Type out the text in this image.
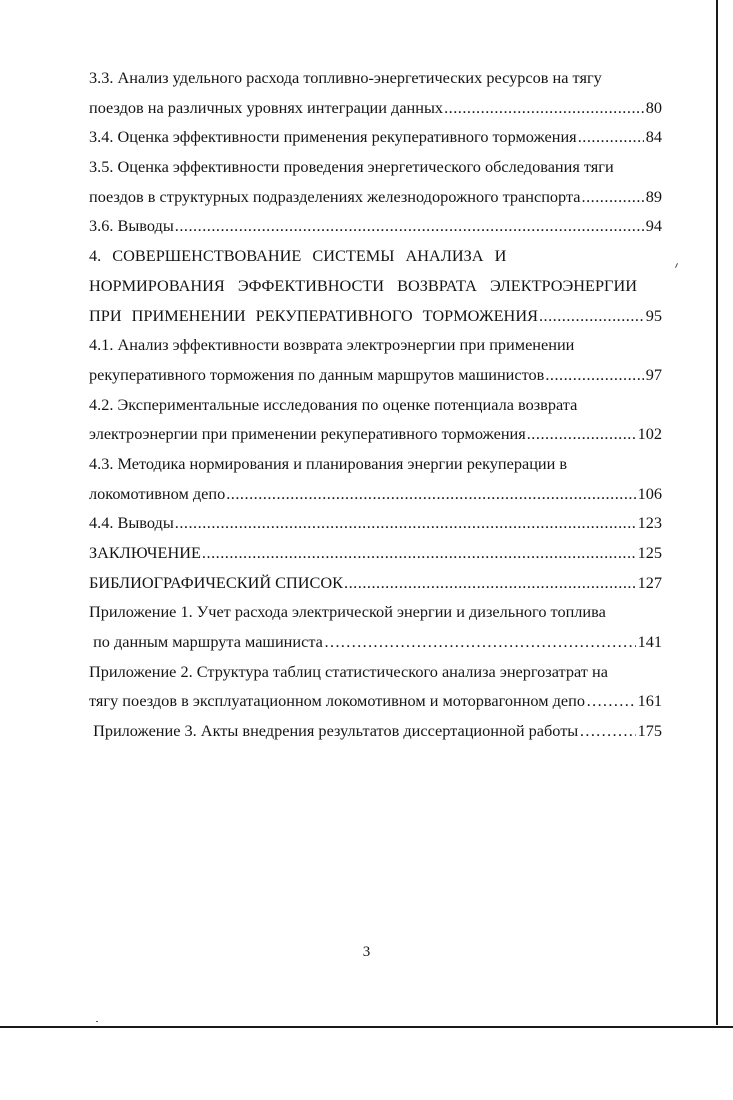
3.3. Анализ удельного расхода топливно-энергетических ресурсов на тягу
поездов на различных уровнях интеграции данных .....	80
3.4. Оценка эффективности применения рекуперативного торможения .....	84
3.5. Оценка эффективности проведения энергетического обследования тяги
поездов в структурных подразделениях железнодорожного транспорта .....	89
3.6. Выводы .....	94
4. СОВЕРШЕНСТВОВАНИЕ СИСТЕМЫ АНАЛИЗА И
НОРМИРОВАНИЯ ЭФФЕКТИВНОСТИ ВОЗВРАТА ЭЛЕКТРОЭНЕРГИИ
ПРИ ПРИМЕНЕНИИ РЕКУПЕРАТИВНОГО ТОРМОЖЕНИЯ .....	95
4.1. Анализ эффективности возврата электроэнергии при применении
рекуперативного торможения по данным маршрутов машинистов .....	97
4.2. Экспериментальные исследования по оценке потенциала возврата
электроэнергии при применении рекуперативного торможения .....	102
4.3. Методика нормирования и планирования энергии рекуперации в
локомотивном депо .....	106
4.4. Выводы .....	123
ЗАКЛЮЧЕНИЕ .....	125
БИБЛИОГРАФИЧЕСКИЙ СПИСОК .....	127
Приложение 1. Учет расхода электрической энергии и дизельного топлива
по данным маршрута машиниста …………………………………………………………………………………………………………………………………………	141
Приложение 2. Структура таблиц статистического анализа энергозатрат на
тягу поездов в эксплуатационном локомотивном и моторвагонном депо …………………………………………………………………………………………………………………………………………	161
Приложение 3. Акты внедрения результатов диссертационной работы …………………………………………………………………………………………………………………………………………	175
3
